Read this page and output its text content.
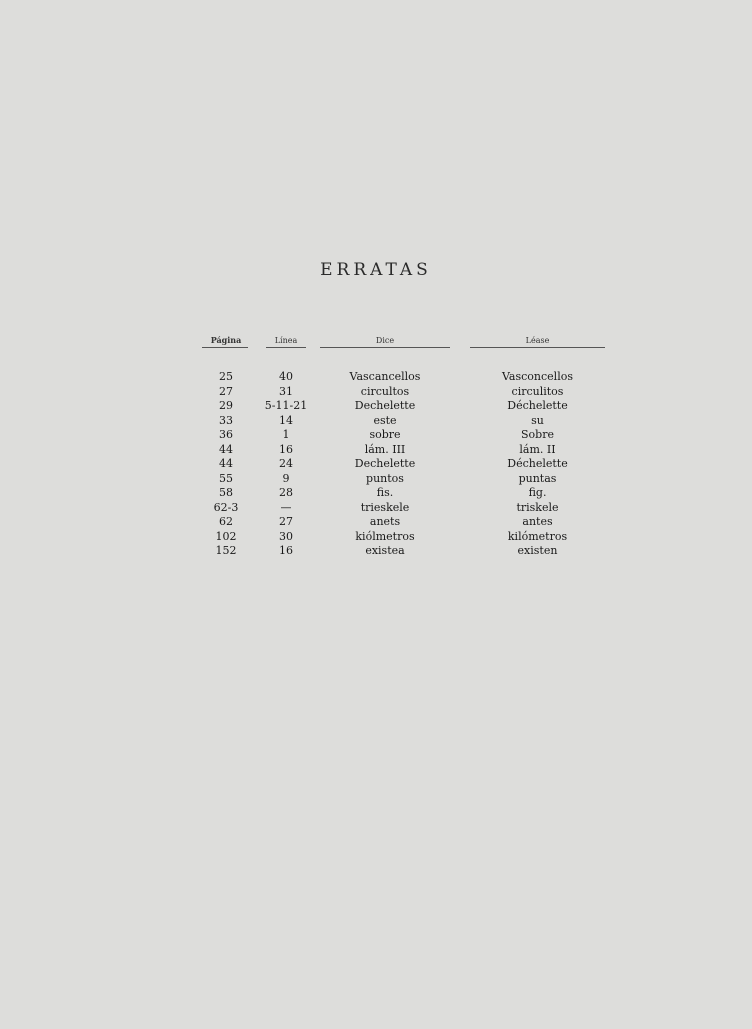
ERRATAS
Página	Línea		Dice		Léase

25	40		Vascancellos		Vasconcellos
27	31		circultos		circulitos
29	5-11-21		Dechelette		Déchelette
33	14		este		su
36	1		sobre		Sobre
44	16		lám. III		lám. II
44	24		Dechelette		Déchelette
55	9		puntos		puntas
58	28		fis.		fig.
62-3	—		trieskele		triskele
62	27		anets		antes
102	30		kiólmetros		kilómetros
152	16		existea		existen
